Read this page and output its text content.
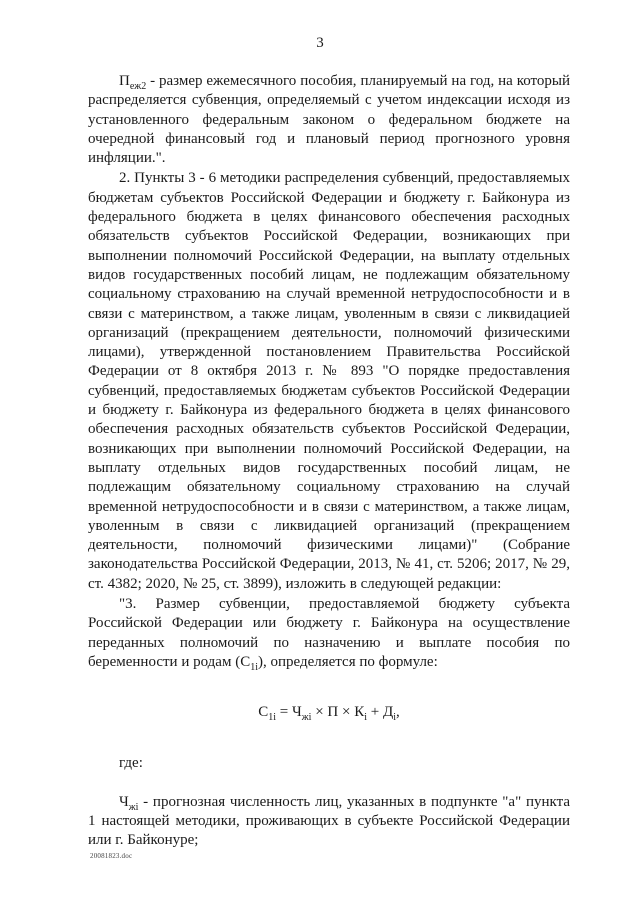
3

$П_{еж2}$ - размер ежемесячного пособия, планируемый на год, на который распределяется субвенция, определяемый с учетом индексации исходя из установленного федеральным законом о федеральном бюджете на очередной финансовый год и плановый период прогнозного уровня инфляции.".

2. Пункты 3 - 6 методики распределения субвенций, предоставляемых бюджетам субъектов Российской Федерации и бюджету г. Байконура из федерального бюджета в целях финансового обеспечения расходных обязательств субъектов Российской Федерации, возникающих при выполнении полномочий Российской Федерации, на выплату отдельных видов государственных пособий лицам, не подлежащим обязательному социальному страхованию на случай временной нетрудоспособности и в связи с материнством, а также лицам, уволенным в связи с ликвидацией организаций (прекращением деятельности, полномочий физическими лицами), утвержденной постановлением Правительства Российской Федерации от 8 октября 2013 г. № 893 "О порядке предоставления субвенций, предоставляемых бюджетам субъектов Российской Федерации и бюджету г. Байконура из федерального бюджета в целях финансового обеспечения расходных обязательств субъектов Российской Федерации, возникающих при выполнении полномочий Российской Федерации, на выплату отдельных видов государственных пособий лицам, не подлежащим обязательному социальному страхованию на случай временной нетрудоспособности и в связи с материнством, а также лицам, уволенным в связи с ликвидацией организаций (прекращением деятельности, полномочий физическими лицами)" (Собрание законодательства Российской Федерации, 2013, № 41, ст. 5206; 2017, № 29, ст. 4382; 2020, № 25, ст. 3899), изложить в следующей редакции:

"3. Размер субвенции, предоставляемой бюджету субъекта Российской Федерации или бюджету г. Байконура на осуществление переданных полномочий по назначению и выплате пособия по беременности и родам $(С_{1i})$, определяется по формуле:

$С_{1i} = Ч_{жi} \times П \times К_i + Д_i$,

где:

$Ч_{жi}$ - прогнозная численность лиц, указанных в подпункте "а" пункта 1 настоящей методики, проживающих в субъекте Российской Федерации или г. Байконуре;

20081823.doc
